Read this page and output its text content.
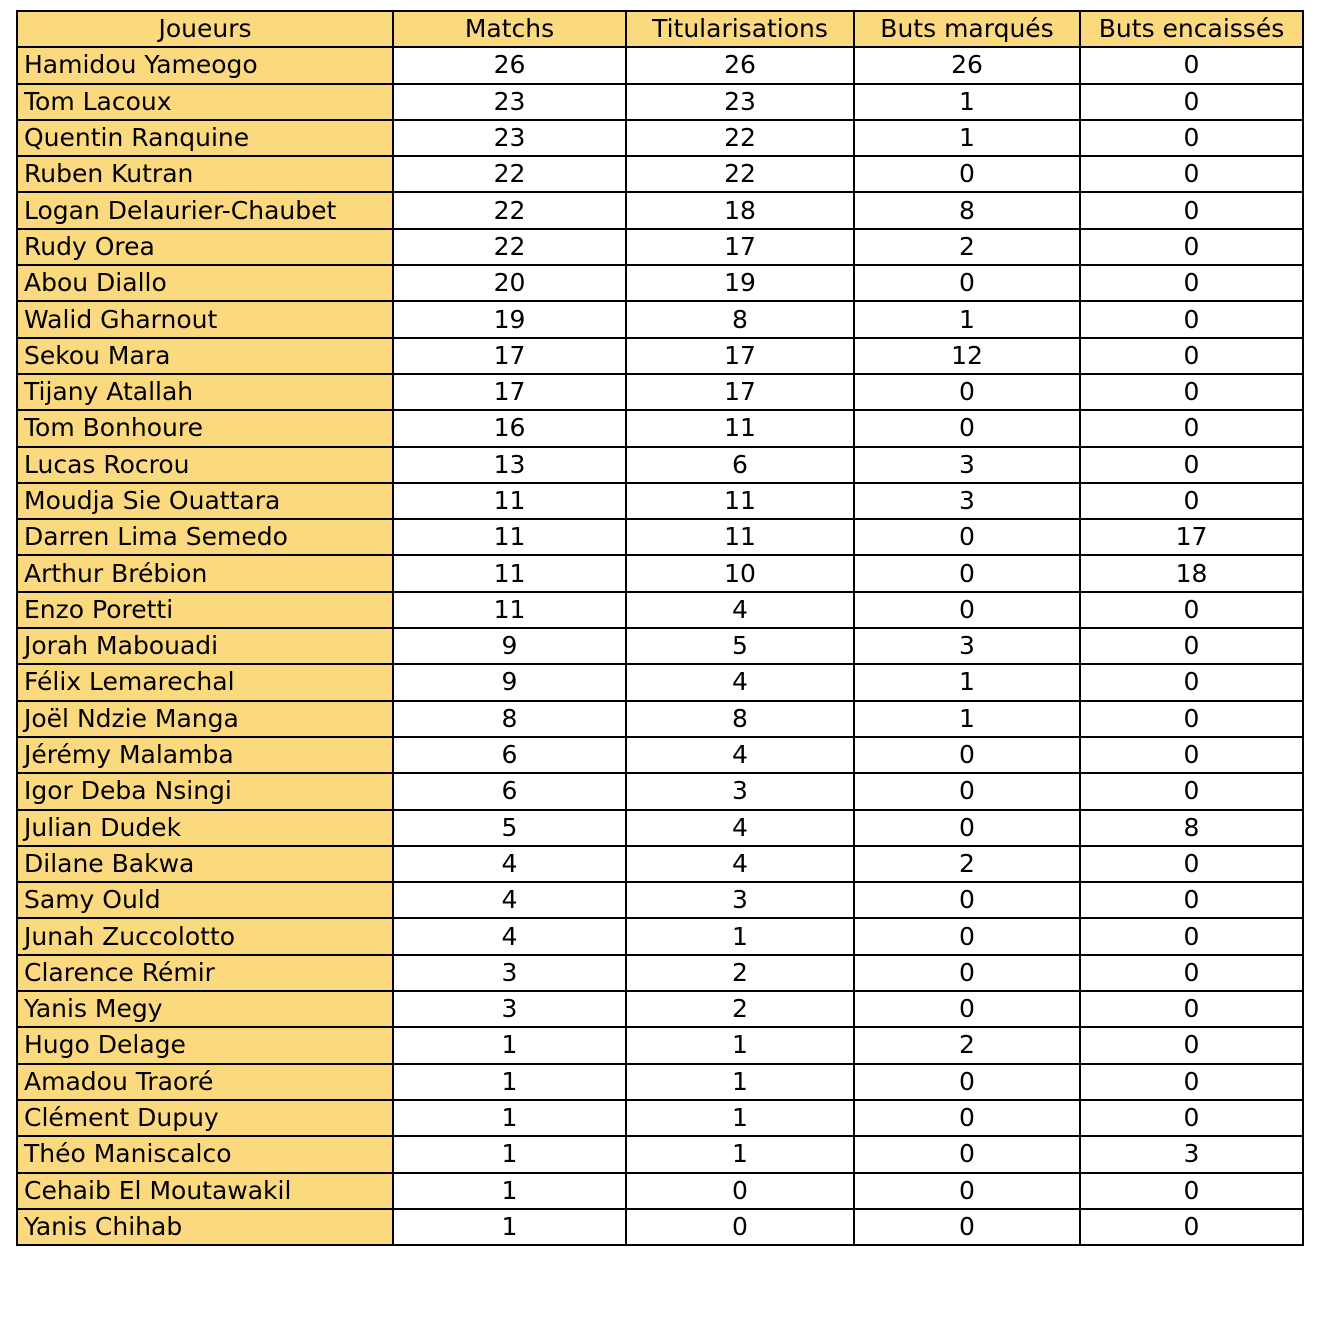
Joueurs	Matchs	Titularisations	Buts marqués	Buts encaissés
Hamidou Yameogo	26	26	26	0
Tom Lacoux	23	23	1	0
Quentin Ranquine	23	22	1	0
Ruben Kutran	22	22	0	0
Logan Delaurier-Chaubet	22	18	8	0
Rudy Orea	22	17	2	0
Abou Diallo	20	19	0	0
Walid Gharnout	19	8	1	0
Sekou Mara	17	17	12	0
Tijany Atallah	17	17	0	0
Tom Bonhoure	16	11	0	0
Lucas Rocrou	13	6	3	0
Moudja Sie Ouattara	11	11	3	0
Darren Lima Semedo	11	11	0	17
Arthur Brébion	11	10	0	18
Enzo Poretti	11	4	0	0
Jorah Mabouadi	9	5	3	0
Félix Lemarechal	9	4	1	0
Joël Ndzie Manga	8	8	1	0
Jérémy Malamba	6	4	0	0
Igor Deba Nsingi	6	3	0	0
Julian Dudek	5	4	0	8
Dilane Bakwa	4	4	2	0
Samy Ould	4	3	0	0
Junah Zuccolotto	4	1	0	0
Clarence Rémir	3	2	0	0
Yanis Megy	3	2	0	0
Hugo Delage	1	1	2	0
Amadou Traoré	1	1	0	0
Clément Dupuy	1	1	0	0
Théo Maniscalco	1	1	0	3
Cehaib El Moutawakil	1	0	0	0
Yanis Chihab	1	0	0	0
